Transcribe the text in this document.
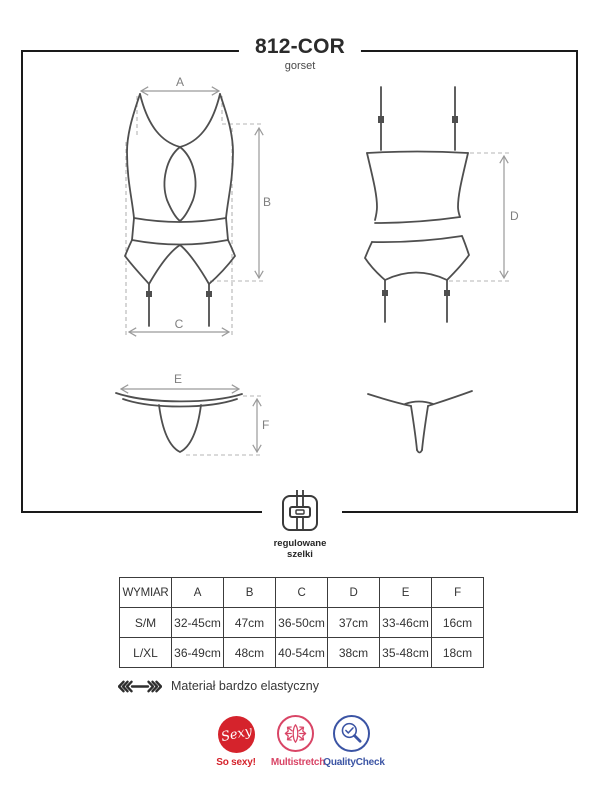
812-COR
gorset
A
B
C
D
E
F
regulowane
szelki
WYMIAR	A	B	C	D	E	F
S/M	32-45cm	47cm	36-50cm	37cm	33-46cm	16cm
L/XL	36-49cm	48cm	40-54cm	38cm	35-48cm	18cm
Materiał bardzo elastyczny
Sexy
So sexy!	Multistretch
QualityCheck
